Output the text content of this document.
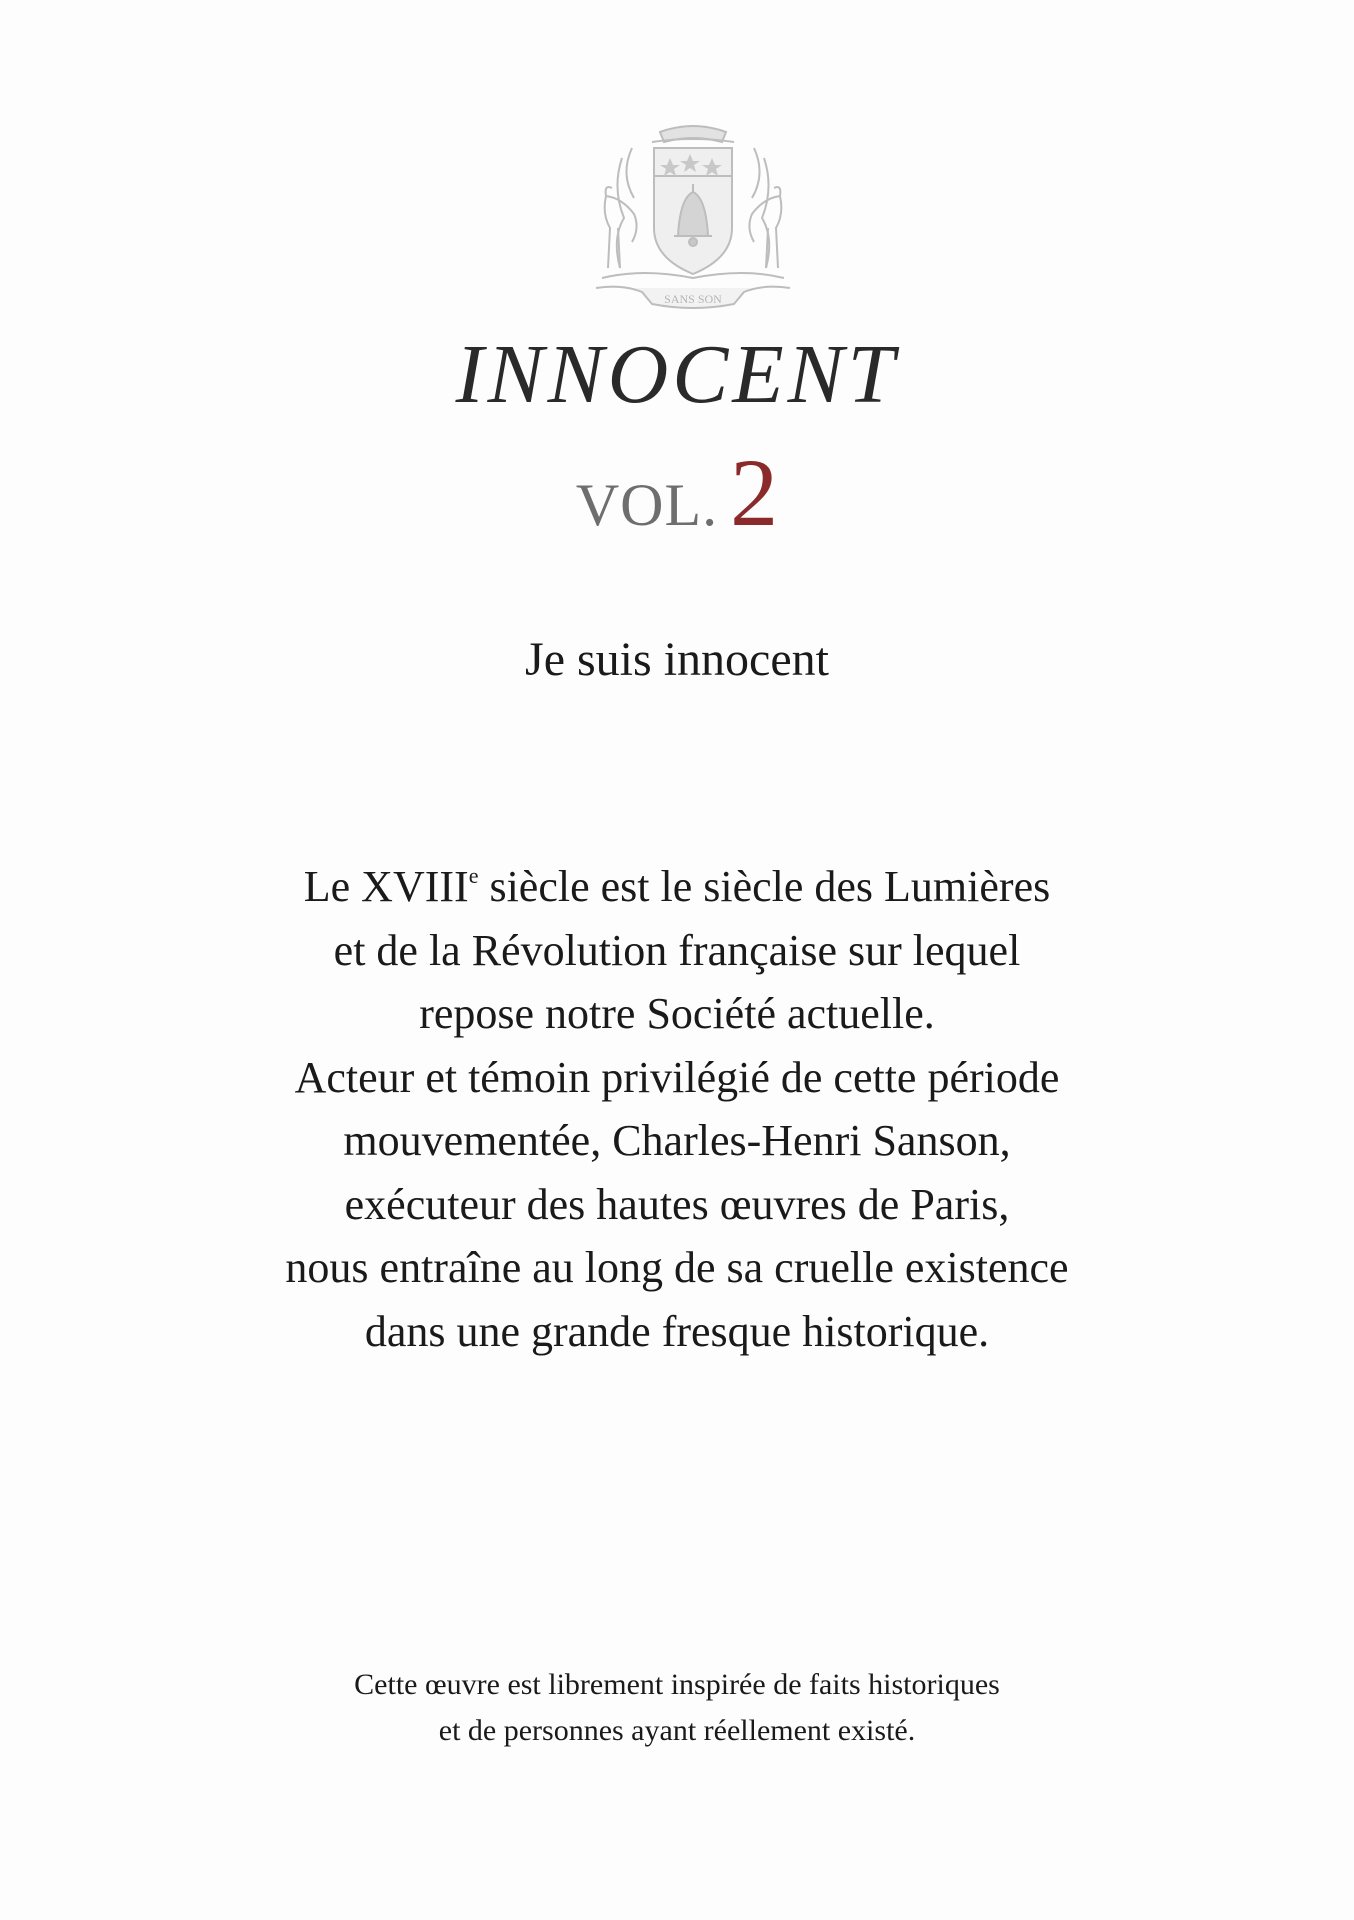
SANS SON
INNOCENT
VOL. 2
Je suis innocent
Le XVIIIe siècle est le siècle des Lumières
et de la Révolution française sur lequel
repose notre Société actuelle.
Acteur et témoin privilégié de cette période
mouvementée, Charles-Henri Sanson,
exécuteur des hautes œuvres de Paris,
nous entraîne au long de sa cruelle existence
dans une grande fresque historique.
Cette œuvre est librement inspirée de faits historiques
et de personnes ayant réellement existé.
